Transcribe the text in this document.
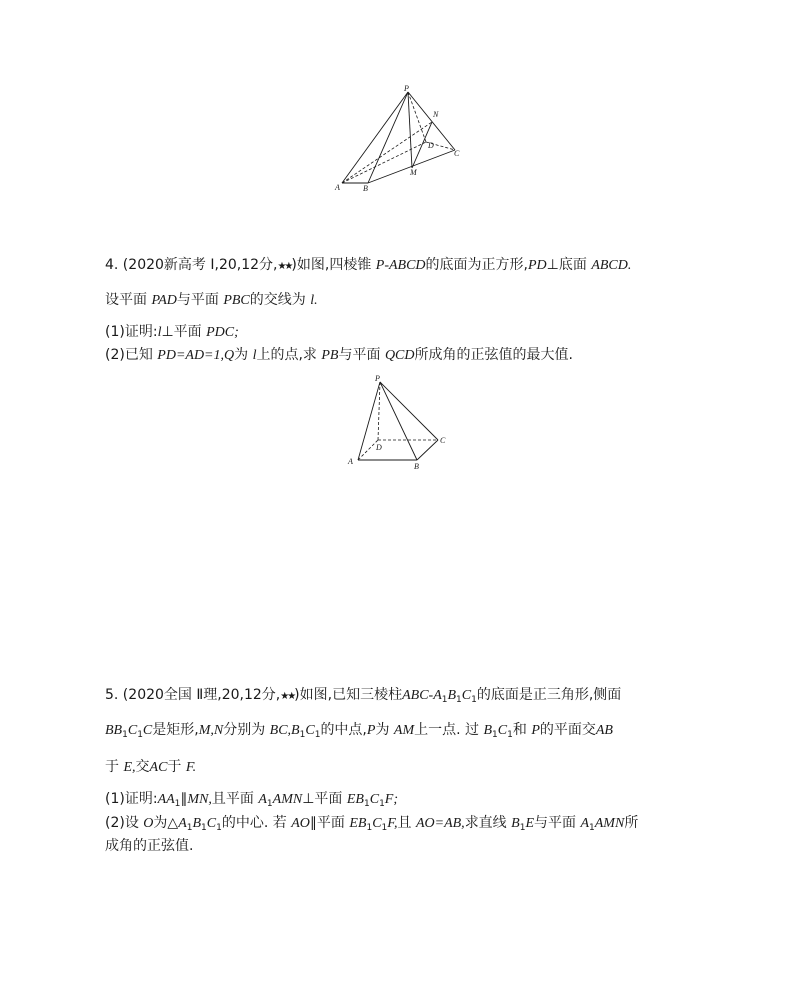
P
N
D
C
M
A	B
4. (2020新高考 Ⅰ,20,12分,★★)如图,四棱锥 P-ABCD的底面为正方形,PD⊥底面 ABCD.
设平面 PAD与平面 PBC的交线为 l.
(1)证明:l⊥平面 PDC;
(2)已知 PD=AD=1,Q为 l上的点,求 PB与平面 QCD所成角的正弦值的最大值.
P
D
C
A
B
5. (2020全国 Ⅱ理,20,12分,★★)如图,已知三棱柱ABC-$A_1B_1C_1$的底面是正三角形,侧面
$BB_1C_1C$是矩形,M,N分别为 $BC,B_1C_1$的中点,P为 AM上一点. 过 $B_1C_1$和 P的平面交AB
于 E,交AC于 F.
(1)证明$:AA_1\parallel MN$,且平面 $A_1AMN\perp$平面 $EB_1C_1F$;
(2)设 O为$\triangle A_1B_1C_1$的中心. 若 AO∥平面 $EB_1C_1F$,且 AO=AB,求直线 $B_1E$与平面 $A_1AMN$所
成角的正弦值.
